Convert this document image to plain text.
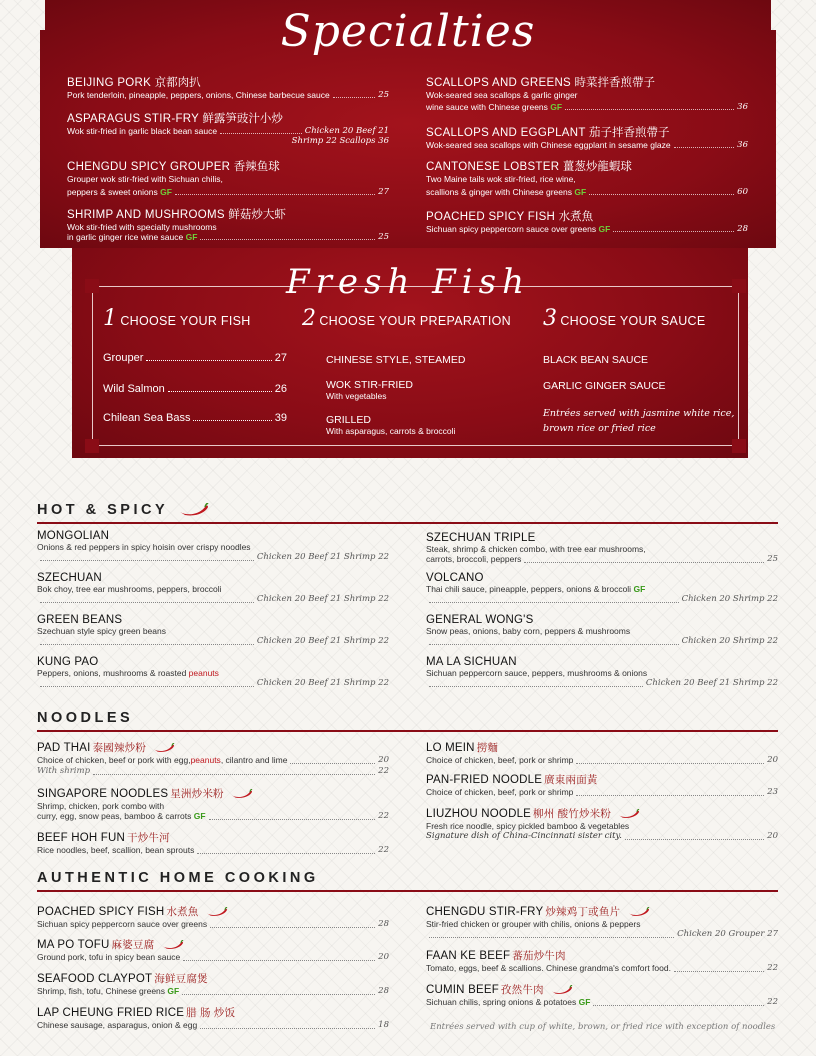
Specialties
BEIJING PORK 京都肉扒
Pork tenderloin, pineapple, peppers, onions, Chinese barbecue sauce	25
ASPARAGUS STIR-FRY 鲜露笋豉汁小炒
Wok stir-fried in garlic black bean sauce	Chicken 20 Beef 21
Shrimp 22 Scallops 36
CHENGDU SPICY GROUPER 香辣鱼球
Grouper wok stir-fried with Sichuan chilis,
peppers & sweet onions
GF	27
SHRIMP AND MUSHROOMS 鲜菇炒大虾
Wok stir-fried with specialty mushrooms
in garlic ginger rice wine sauce
GF	25
SCALLOPS AND GREENS 時菜拌香煎帶子
Wok-seared sea scallops & garlic ginger
wine sauce with Chinese greens
GF	36
SCALLOPS AND EGGPLANT 茄子拌香煎帶子
Wok-seared sea scallops with Chinese eggplant in sesame glaze	36
CANTONESE LOBSTER 薑葱炒龍蝦球
Two Maine tails wok stir-fried, rice wine,
scallions & ginger with Chinese greens
GF	60
POACHED SPICY FISH 水煮魚
Sichuan spicy peppercorn sauce over greens
GF	28
Fresh Fish
1 CHOOSE YOUR FISH 2 CHOOSE YOUR PREPARATION 3 CHOOSE YOUR SAUCE
Grouper	27
Wild Salmon	26
Chilean Sea Bass	39
CHINESE STYLE, STEAMED
WOK STIR-FRIED
With vegetables
GRILLED
With asparagus, carrots & broccoli
BLACK BEAN SAUCE
GARLIC GINGER SAUCE
Entrées served with jasmine white rice,
brown rice or fried rice
HOT & SPICY
MONGOLIAN
Onions & red peppers in spicy hoisin over crispy noodles
Chicken 20 Beef 21 Shrimp 22
SZECHUAN
Bok choy, tree ear mushrooms, peppers, broccoli
Chicken 20 Beef 21 Shrimp 22
GREEN BEANS
Szechuan style spicy green beans
Chicken 20 Beef 21 Shrimp 22
KUNG PAO
Peppers, onions, mushrooms & roasted peanuts
Chicken 20 Beef 21 Shrimp 22
SZECHUAN TRIPLE
Steak, shrimp & chicken combo, with tree ear mushrooms,
carrots, broccoli, peppers	25
VOLCANO
Thai chili sauce, pineapple, peppers, onions & broccoli GF
Chicken 20 Shrimp 22
GENERAL WONG'S
Snow peas, onions, baby corn, peppers & mushrooms
Chicken 20 Shrimp 22
MA LA SICHUAN
Sichuan peppercorn sauce, peppers, mushrooms & onions
Chicken 20 Beef 21 Shrimp 22
NOODLES
PAD THAI 泰國辣炒粉
Choice of chicken, beef or pork with egg, peanuts , cilantro and lime	20
With shrimp	22
SINGAPORE NOODLES 星洲炒米粉
Shrimp, chicken, pork combo with
curry, egg, snow peas, bamboo & carrots
GF	22
BEEF HOH FUN 干炒牛河
Rice noodles, beef, scallion, bean sprouts	22
LO MEIN 撈麵
Choice of chicken, beef, pork or shrimp	20
PAN-FRIED NOODLE 廣東兩面黃
Choice of chicken, beef, pork or shrimp	23
LIUZHOU NOODLE 柳州 酸竹炒米粉
Fresh rice noodle, spicy pickled bamboo & vegetables
Signature dish of China-Cincinnati sister city.	20
AUTHENTIC HOME COOKING
POACHED SPICY FISH 水煮魚
Sichuan spicy peppercorn sauce over greens	28
MA PO TOFU 麻婆豆腐
Ground pork, tofu in spicy bean sauce	20
SEAFOOD CLAYPOT 海鲜豆腐煲
Shrimp, fish, tofu, Chinese greens
GF	28
LAP CHEUNG FRIED RICE 腊 肠 炒饭
Chinese sausage, asparagus, onion & egg	18
CHENGDU STIR-FRY 炒辣鸡丁或鱼片
Stir-fried chicken or grouper with chilis, onions & peppers
Chicken 20 Grouper 27
FAAN KE BEEF 蕃茄炒牛肉
Tomato, eggs, beef & scallions. Chinese grandma's comfort food.	22
CUMIN BEEF 孜然牛肉
Sichuan chilis, spring onions & potatoes
GF	22
Entrées served with cup of white, brown, or fried rice with exception of noodles
